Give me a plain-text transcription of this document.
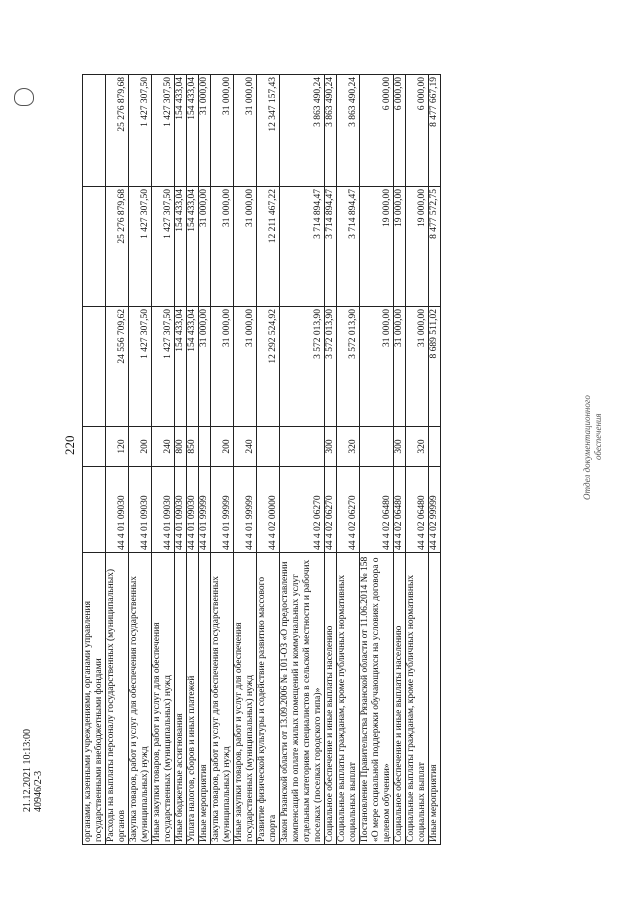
220
органами, казенными учреждениями, органами управления государственными внебюджетными фондами					
Расходы на выплаты персоналу государственных (муниципальных) органов	44 4 01 09030	120	24 556 709,62	25 276 879,68	25 276 879,68
Закупка товаров, работ и услуг для обеспечения государственных (муниципальных) нужд	44 4 01 09030	200	1 427 307,50	1 427 307,50	1 427 307,50
Иные закупки товаров, работ и услуг для обеспечения государственных (муниципальных) нужд	44 4 01 09030	240	1 427 307,50	1 427 307,50	1 427 307,50
Иные бюджетные ассигнования	44 4 01 09030	800	154 433,04	154 433,04	154 433,04
Уплата налогов, сборов и иных платежей	44 4 01 09030	850	154 433,04	154 433,04	154 433,04
Иные мероприятия	44 4 01 99999		31 000,00	31 000,00	31 000,00
Закупка товаров, работ и услуг для обеспечения государственных (муниципальных) нужд	44 4 01 99999	200	31 000,00	31 000,00	31 000,00
Иные закупки товаров, работ и услуг для обеспечения государственных (муниципальных) нужд	44 4 01 99999	240	31 000,00	31 000,00	31 000,00
Развитие физической культуры и содействие развитию массового спорта	44 4 02 00000		12 292 524,92	12 211 467,22	12 347 157,43
Закон Рязанской области от 13.09.2006 № 101-ОЗ «О предоставлении компенсаций по оплате жилых помещений и коммунальных услуг отдельным категориям специалистов в сельской местности и рабочих поселках (поселках городского типа)»	44 4 02 06270		3 572 013,90	3 714 894,47	3 863 490,24
Социальное обеспечение и иные выплаты населению	44 4 02 06270	300	3 572 013,90	3 714 894,47	3 863 490,24
Социальные выплаты гражданам, кроме публичных нормативных социальных выплат	44 4 02 06270	320	3 572 013,90	3 714 894,47	3 863 490,24
Постановление Правительства Рязанской области от 11.06.2014 № 158 «О мере социальной поддержки обучающихся на условиях договора о целевом обучении»	44 4 02 06480		31 000,00	19 000,00	6 000,00
Социальное обеспечение и иные выплаты населению	44 4 02 06480	300	31 000,00	19 000,00	6 000,00
Социальные выплаты гражданам, кроме публичных нормативных социальных выплат	44 4 02 06480	320	31 000,00	19 000,00	6 000,00
Иные мероприятия	44 4 02 99999		8 689 511,02	8 477 572,75	8 477 667,19
21.12.2021 10:13:00     40946/2-3
Отдел документационного обеспечения
